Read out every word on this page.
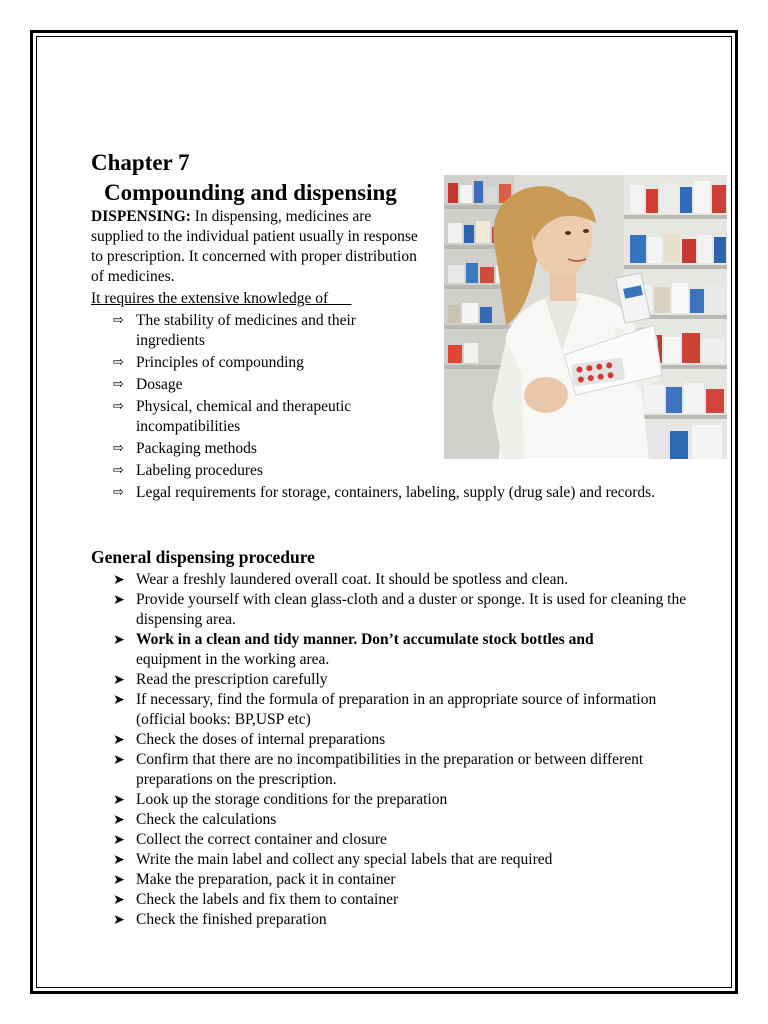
Chapter 7
Compounding and dispensing
DISPENSING: In dispensing, medicines are supplied to the individual patient usually in response to prescription. It concerned with proper distribution of medicines.
It requires the extensive knowledge of___
⇨ The stability of medicines and their ingredients
⇨ Principles of compounding
⇨ Dosage
⇨ Physical, chemical and therapeutic incompatibilities
⇨ Packaging methods
⇨ Labeling procedures
⇨ Legal requirements for storage, containers, labeling, supply (drug sale) and records.
General dispensing procedure
➤ Wear a freshly laundered overall coat. It should be spotless and clean.
➤ Provide yourself with clean glass-cloth and a duster or sponge. It is used for cleaning the dispensing area.
➤ Work in a clean and tidy manner. Don’t accumulate stock bottles and
equipment in the working area.
➤ Read the prescription carefully
➤ If necessary, find the formula of preparation in an appropriate source of information (official books: BP,USP etc)
➤ Check the doses of internal preparations
➤ Confirm that there are no incompatibilities in the preparation or between different preparations on the prescription.
➤ Look up the storage conditions for the preparation
➤ Check the calculations
➤ Collect the correct container and closure
➤ Write the main label and collect any special labels that are required
➤ Make the preparation, pack it in container
➤ Check the labels and fix them to container
➤ Check the finished preparation
